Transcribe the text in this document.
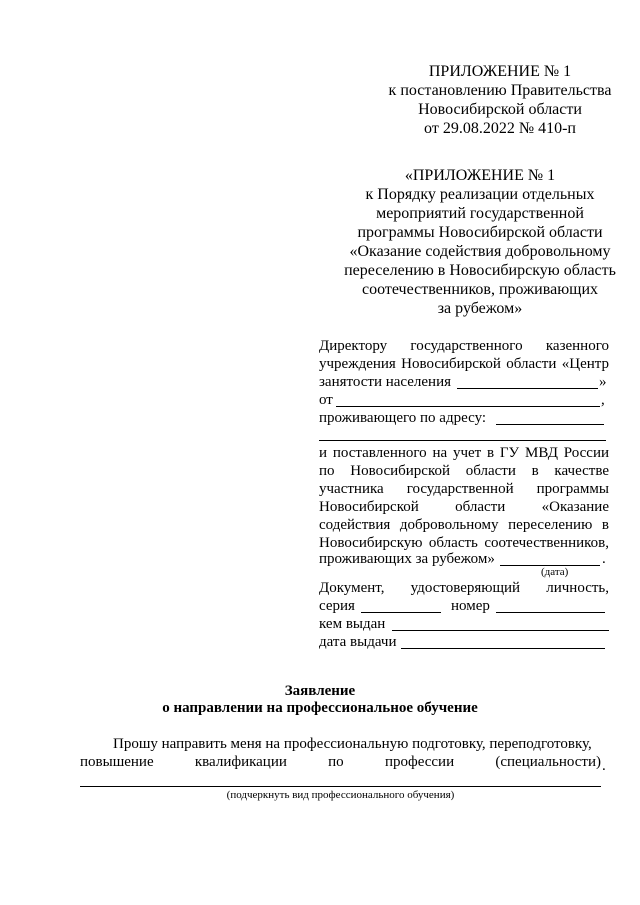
ПРИЛОЖЕНИЕ № 1
к постановлению Правительства
Новосибирской области
от 29.08.2022 № 410-п
«ПРИЛОЖЕНИЕ № 1
к Порядку реализации отдельных
мероприятий государственной
программы Новосибирской области
«Оказание содействия добровольному
переселению в Новосибирскую область
соотечественников, проживающих
за рубежом»
Директору государственного казенного
учреждения Новосибирской области «Центр
занятости населения	»
от	,
проживающего по адресу:
и поставленного на учет в ГУ МВД России
по Новосибирской области в качестве
участника государственной программы
Новосибирской области «Оказание
содействия добровольному переселению в
Новосибирскую область соотечественников,
проживающих за рубежом»	.
(дата)
Документ, удостоверяющий личность,
серия	номер
кем выдан
дата выдачи
Заявление
о направлении на профессиональное обучение
Прошу направить меня на профессиональную подготовку, переподготовку,
повышение квалификации по профессии (специальности) .
(подчеркнуть вид профессионального обучения)
